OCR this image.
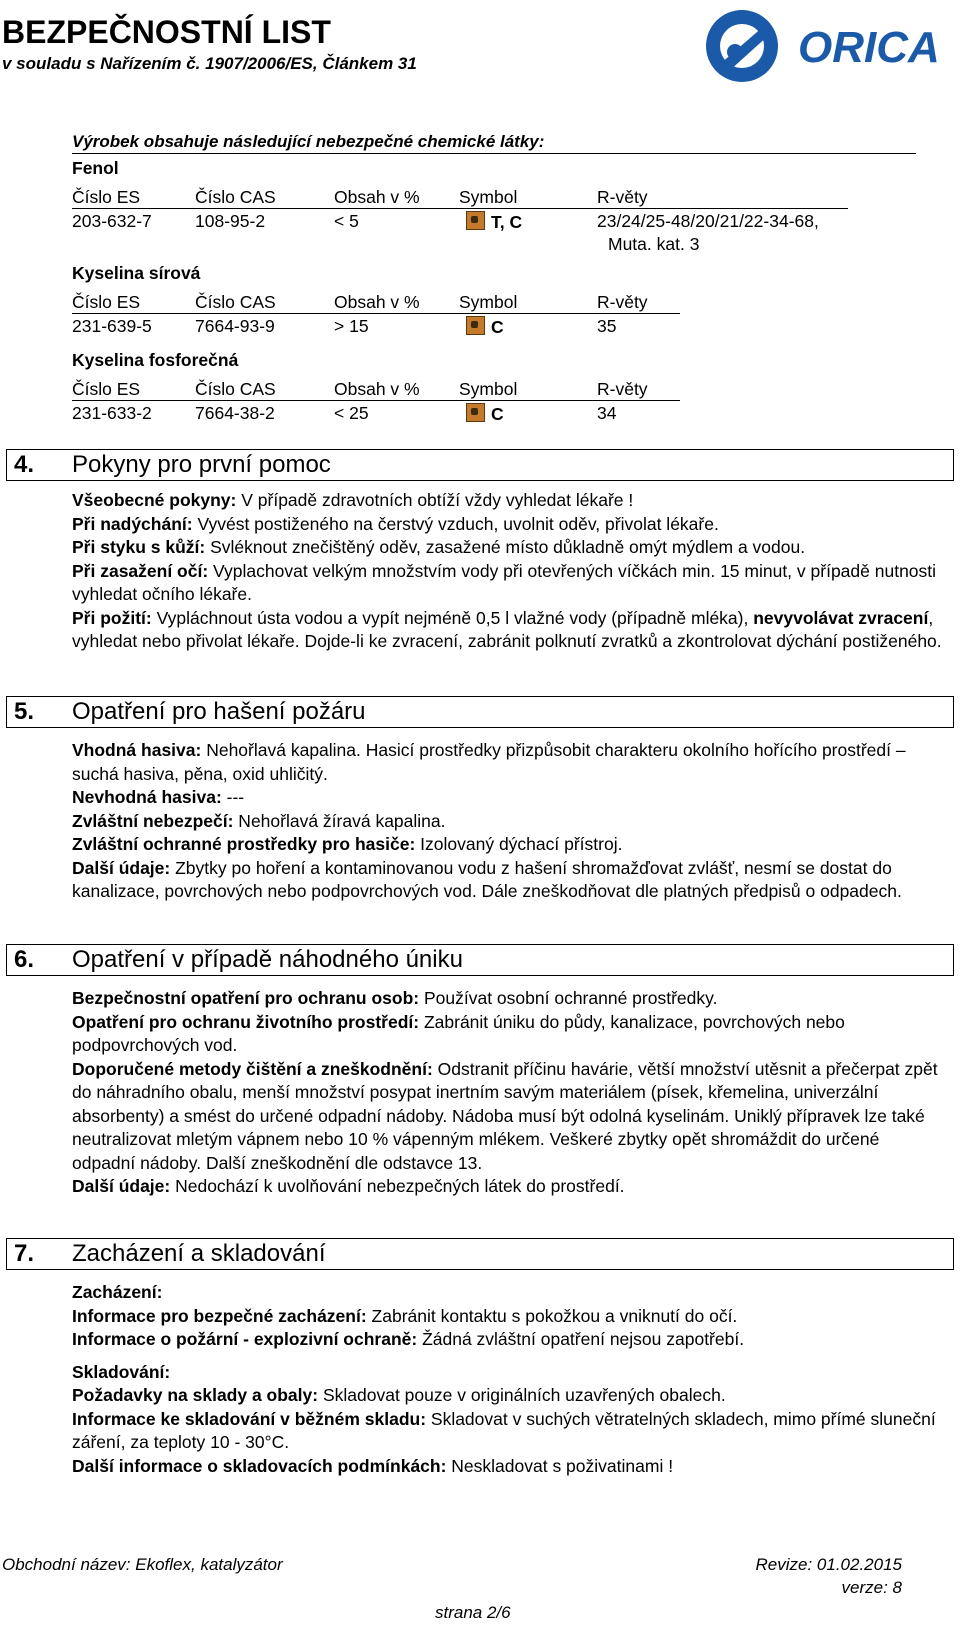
BEZPEČNOSTNÍ LIST
v souladu s Nařízením č. 1907/2006/ES, Článkem 31	ORICA
Výrobek obsahuje následující nebezpečné chemické látky:
Fenol
Číslo ES	Číslo CAS	Obsah v % Symbol	R-věty
203-632-7 108-95-2	< 5	T, C	23/24/25-48/20/21/22-34-68,
Muta. kat. 3
Kyselina sírová
Číslo ES	Číslo CAS	Obsah v % Symbol	R-věty
231-639-5 7664-93-9	> 15	C	35
Kyselina fosforečná
Číslo ES	Číslo CAS	Obsah v % Symbol	R-věty
231-633-2 7664-38-2	< 25	C	34
4. Pokyny pro první pomoc
Všeobecné pokyny: V případě zdravotních obtíží vždy vyhledat lékaře !
Při nadýchání: Vyvést postiženého na čerstvý vzduch, uvolnit oděv, přivolat lékaře.
Při styku s kůží: Svléknout znečištěný oděv, zasažené místo důkladně omýt mýdlem a vodou.
Při zasažení očí: Vyplachovat velkým množstvím vody při otevřených víčkách min. 15 minut, v případě nutnosti vyhledat očního lékaře.
Při požití: Vypláchnout ústa vodou a vypít nejméně 0,5 l vlažné vody (případně mléka), nevyvolávat zvracení, vyhledat nebo přivolat lékaře. Dojde-li ke zvracení, zabránit polknutí zvratků a zkontrolovat dýchání postiženého.
5. Opatření pro hašení požáru
Vhodná hasiva: Nehořlavá kapalina. Hasicí prostředky přizpůsobit charakteru okolního hořícího prostředí – suchá hasiva, pěna, oxid uhličitý.
Nevhodná hasiva: ---
Zvláštní nebezpečí: Nehořlavá žíravá kapalina.
Zvláštní ochranné prostředky pro hasiče: Izolovaný dýchací přístroj.
Další údaje: Zbytky po hoření a kontaminovanou vodu z hašení shromažďovat zvlášť, nesmí se dostat do kanalizace, povrchových nebo podpovrchových vod. Dále zneškodňovat dle platných předpisů o odpadech.
6. Opatření v případě náhodného úniku
Bezpečnostní opatření pro ochranu osob: Používat osobní ochranné prostředky.
Opatření pro ochranu životního prostředí: Zabránit úniku do půdy, kanalizace, povrchových nebo podpovrchových vod.
Doporučené metody čištění a zneškodnění: Odstranit příčinu havárie, větší množství utěsnit a přečerpat zpět do náhradního obalu, menší množství posypat inertním savým materiálem (písek, křemelina, univerzální absorbenty) a smést do určené odpadní nádoby. Nádoba musí být odolná kyselinám. Uniklý přípravek lze také neutralizovat mletým vápnem nebo 10 % vápenným mlékem. Veškeré zbytky opět shromáždit do určené odpadní nádoby. Další zneškodnění dle odstavce 13.
Další údaje: Nedochází k uvolňování nebezpečných látek do prostředí.
7. Zacházení a skladování
Zacházení:
Informace pro bezpečné zacházení: Zabránit kontaktu s pokožkou a vniknutí do očí.
Informace o požární - explozivní ochraně: Žádná zvláštní opatření nejsou zapotřebí.
Skladování:
Požadavky na sklady a obaly: Skladovat pouze v originálních uzavřených obalech.
Informace ke skladování v běžném skladu: Skladovat v suchých větratelných skladech, mimo přímé sluneční záření, za teploty 10 - 30°C.
Další informace o skladovacích podmínkách: Neskladovat s poživatinami !
Obchodní název: Ekoflex, katalyzátor	Revize: 01.02.2015
verze: 8
strana 2/6
